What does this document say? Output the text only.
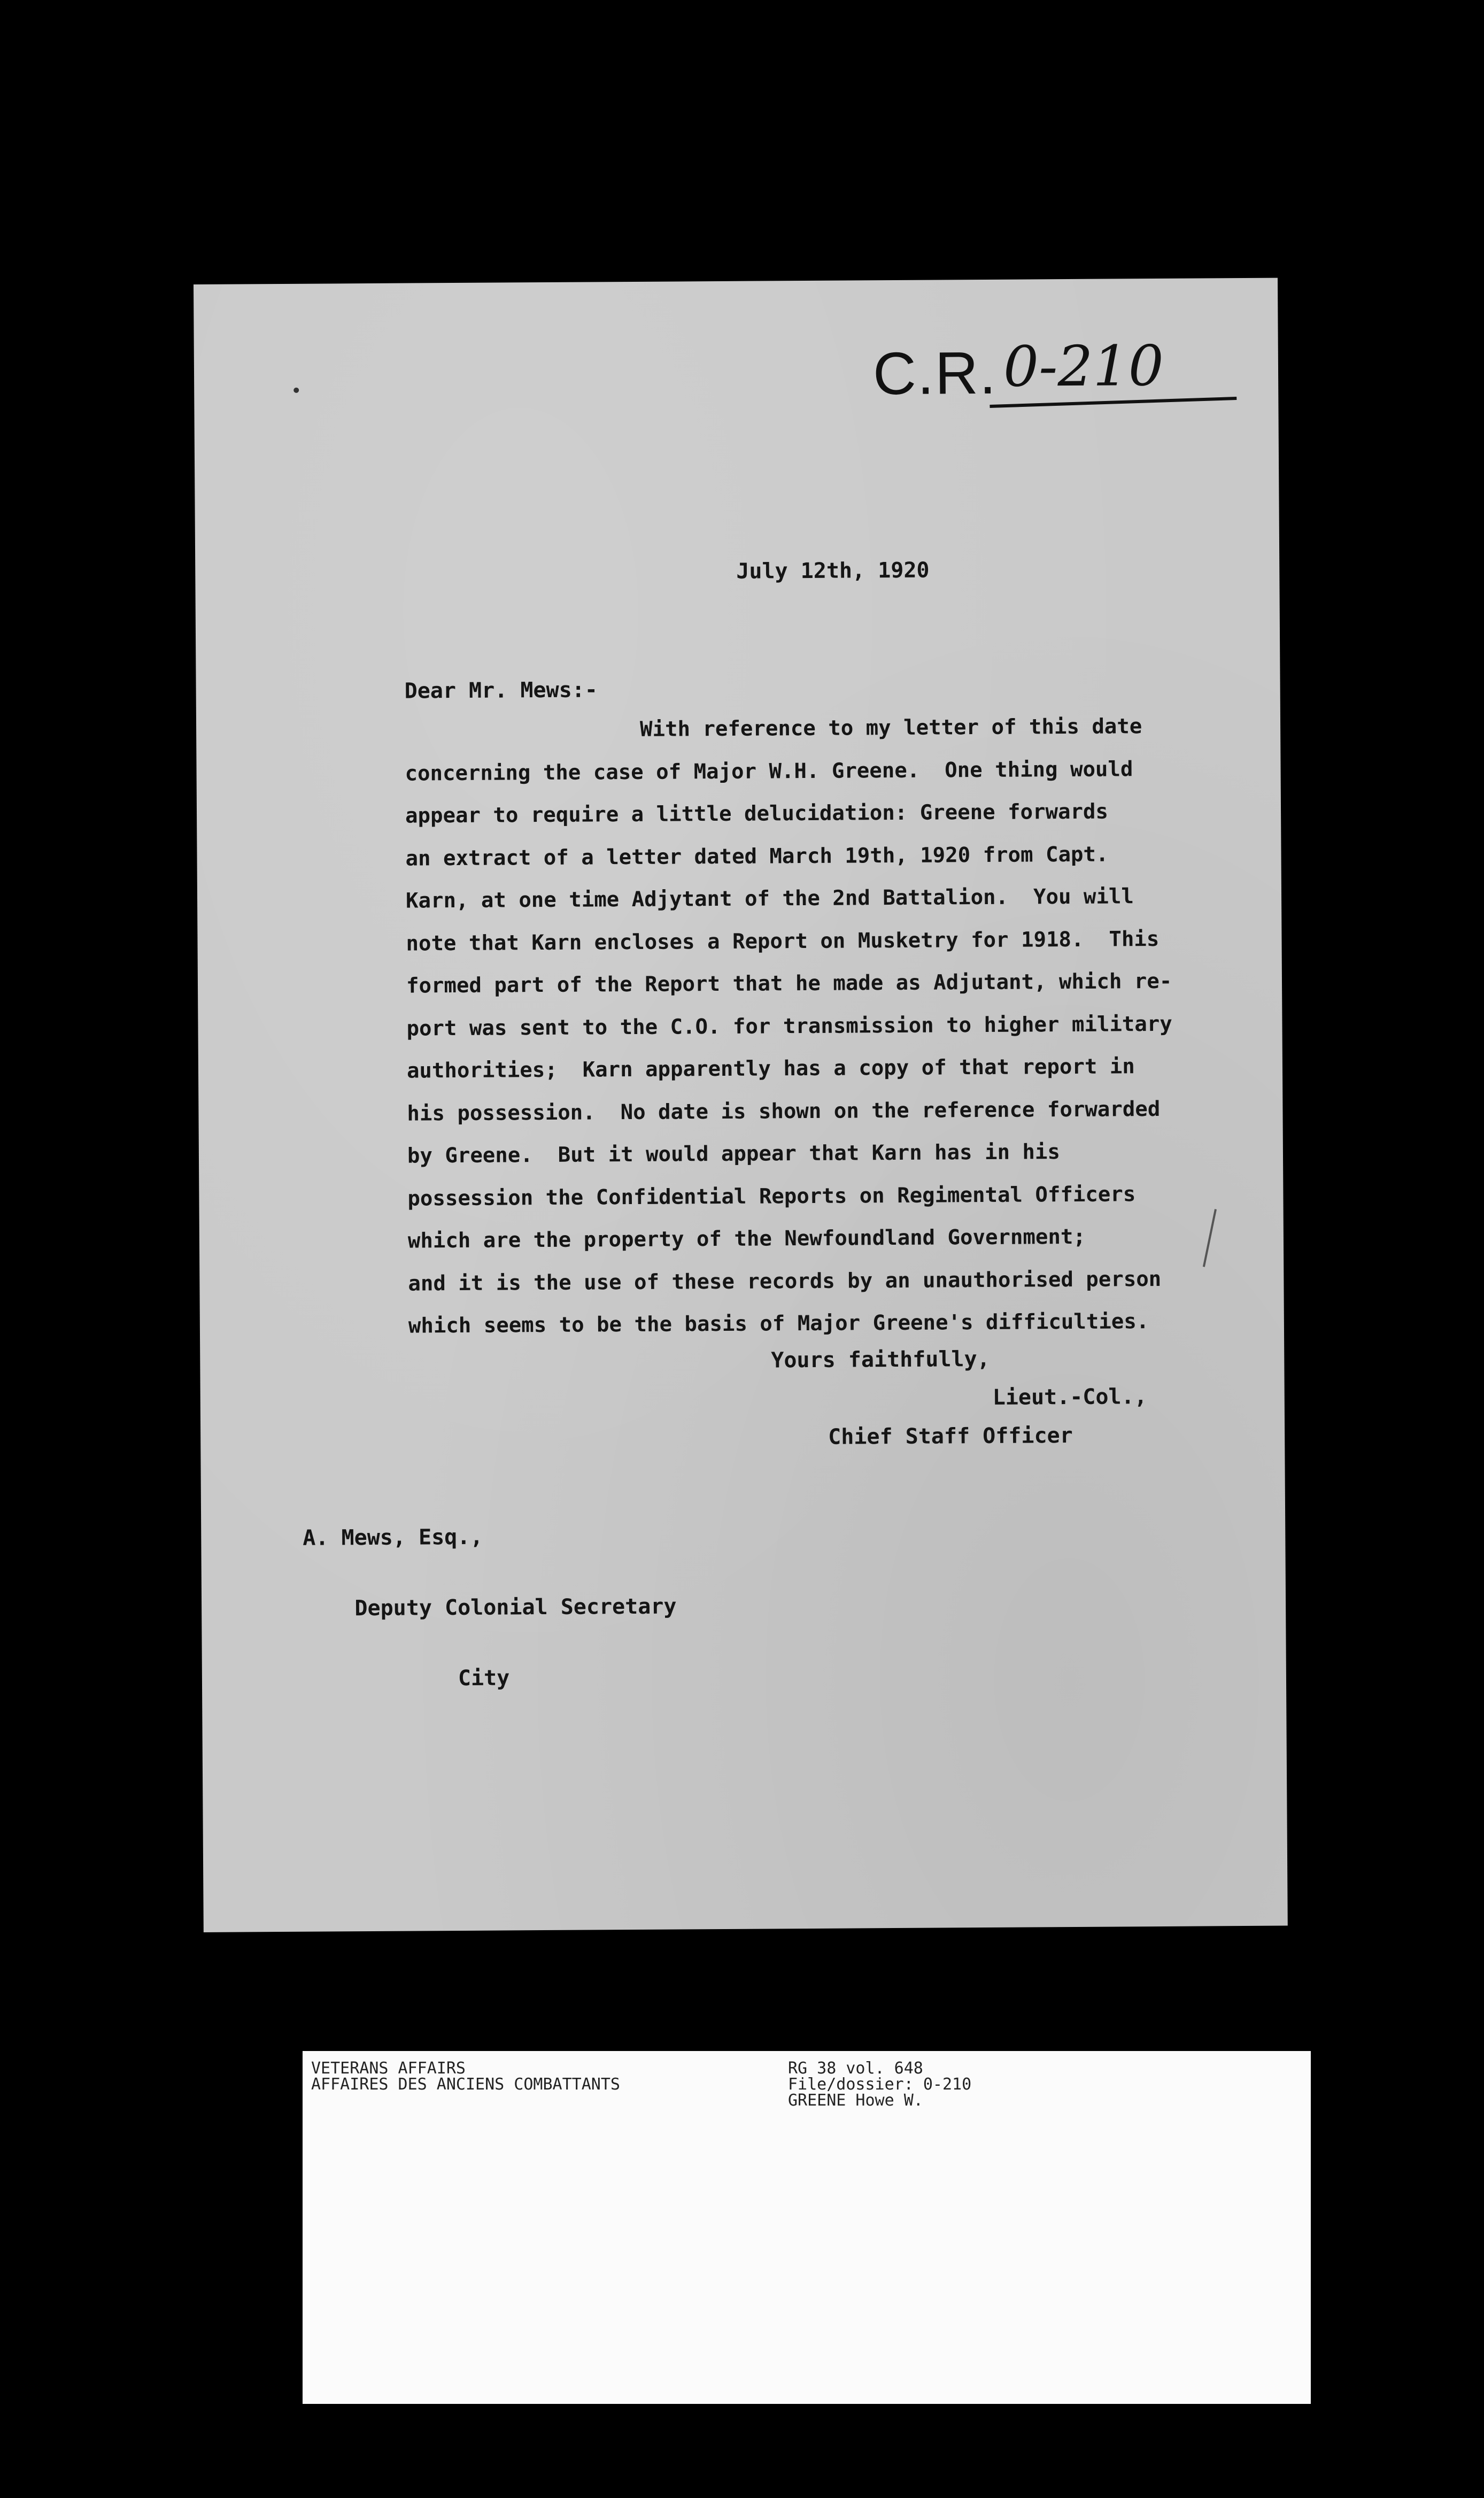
C.R. 0-210
July 12th, 1920
Dear Mr. Mews:-
With reference to my letter of this date
concerning the case of Major W.H. Greene.  One thing would
appear to require a little delucidation: Greene forwards
an extract of a letter dated March 19th, 1920 from Capt.
Karn, at one time Adjytant of the 2nd Battalion.  You will
note that Karn encloses a Report on Musketry for 1918.  This
formed part of the Report that he made as Adjutant, which re-
port was sent to the C.O. for transmission to higher military
authorities;  Karn apparently has a copy of that report in
his possession.  No date is shown on the reference forwarded
by Greene.  But it would appear that Karn has in his
possession the Confidential Reports on Regimental Officers
which are the property of the Newfoundland Government;
and it is the use of these records by an unauthorised person
which seems to be the basis of Major Greene's difficulties.
Yours faithfully,
Lieut.-Col.,
Chief Staff Officer

A. Mews, Esq.,

Deputy Colonial Secretary

City

VETERANS AFFAIRS
AFFAIRES DES ANCIENS COMBATTANTS
RG 38 vol. 648
File/dossier: 0-210
GREENE Howe W.
